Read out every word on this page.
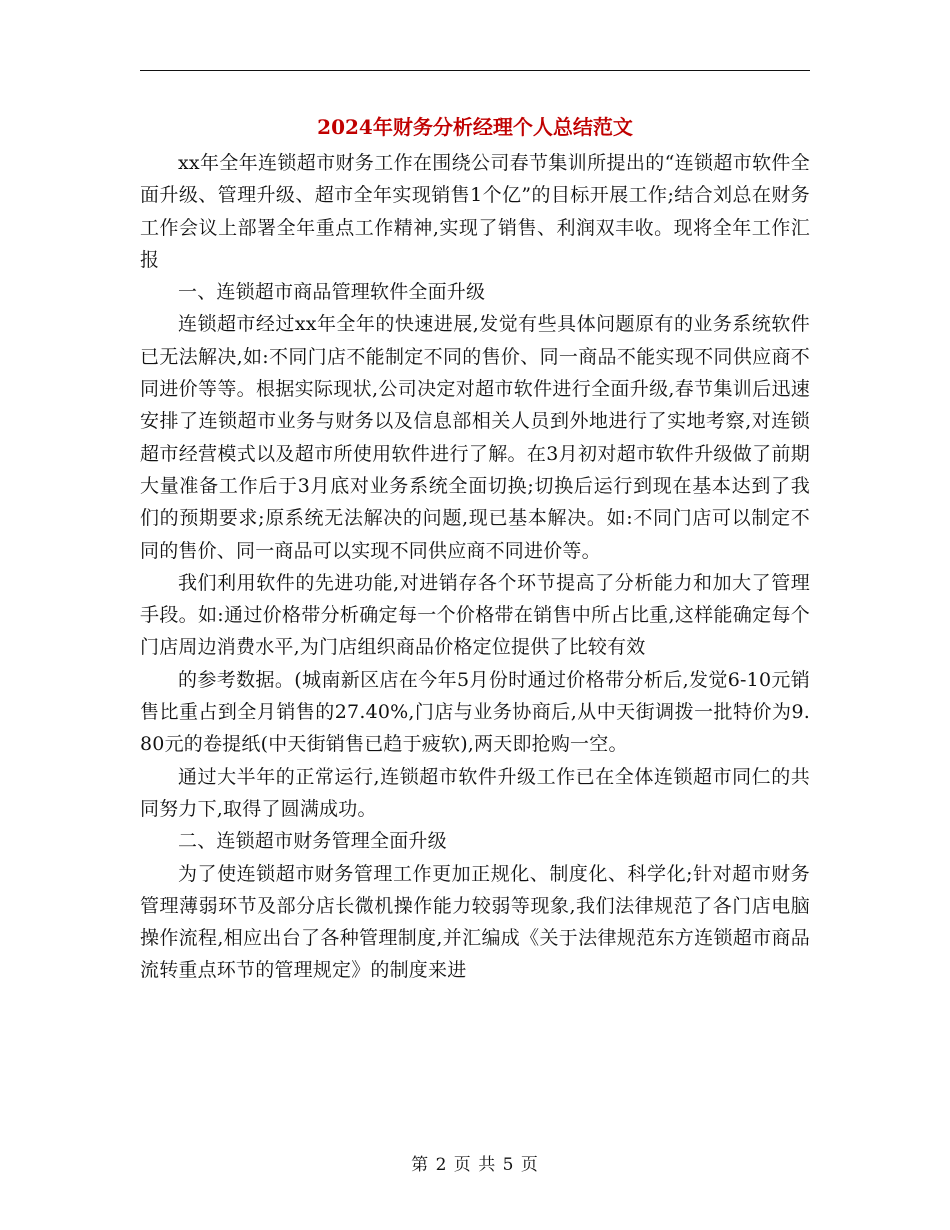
2024年财务分析经理个人总结范文

xx年全年连锁超市财务工作在围绕公司春节集训所提出的“连锁超市软件全面升级、管理升级、超市全年实现销售1个亿”的目标开展工作;结合刘总在财务工作会议上部署全年重点工作精神,实现了销售、利润双丰收。现将全年工作汇报

一、连锁超市商品管理软件全面升级

连锁超市经过xx年全年的快速进展,发觉有些具体问题原有的业务系统软件已无法解决,如:不同门店不能制定不同的售价、同一商品不能实现不同供应商不同进价等等。根据实际现状,公司决定对超市软件进行全面升级,春节集训后迅速安排了连锁超市业务与财务以及信息部相关人员到外地进行了实地考察,对连锁超市经营模式以及超市所使用软件进行了解。在3月初对超市软件升级做了前期大量准备工作后于3月底对业务系统全面切换;切换后运行到现在基本达到了我们的预期要求;原系统无法解决的问题,现已基本解决。如:不同门店可以制定不同的售价、同一商品可以实现不同供应商不同进价等。

我们利用软件的先进功能,对进销存各个环节提高了分析能力和加大了管理手段。如:通过价格带分析确定每一个价格带在销售中所占比重,这样能确定每个门店周边消费水平,为门店组织商品价格定位提供了比较有效

的参考数据。(城南新区店在今年5月份时通过价格带分析后,发觉6-10元销售比重占到全月销售的27.40%,门店与业务协商后,从中天街调拨一批特价为9.80元的卷提纸(中天街销售已趋于疲软),两天即抢购一空。

通过大半年的正常运行,连锁超市软件升级工作已在全体连锁超市同仁的共同努力下,取得了圆满成功。

二、连锁超市财务管理全面升级

为了使连锁超市财务管理工作更加正规化、制度化、科学化;针对超市财务管理薄弱环节及部分店长微机操作能力较弱等现象,我们法律规范了各门店电脑操作流程,相应出台了各种管理制度,并汇编成《关于法律规范东方连锁超市商品流转重点环节的管理规定》的制度来进

第 2 页 共 5 页
